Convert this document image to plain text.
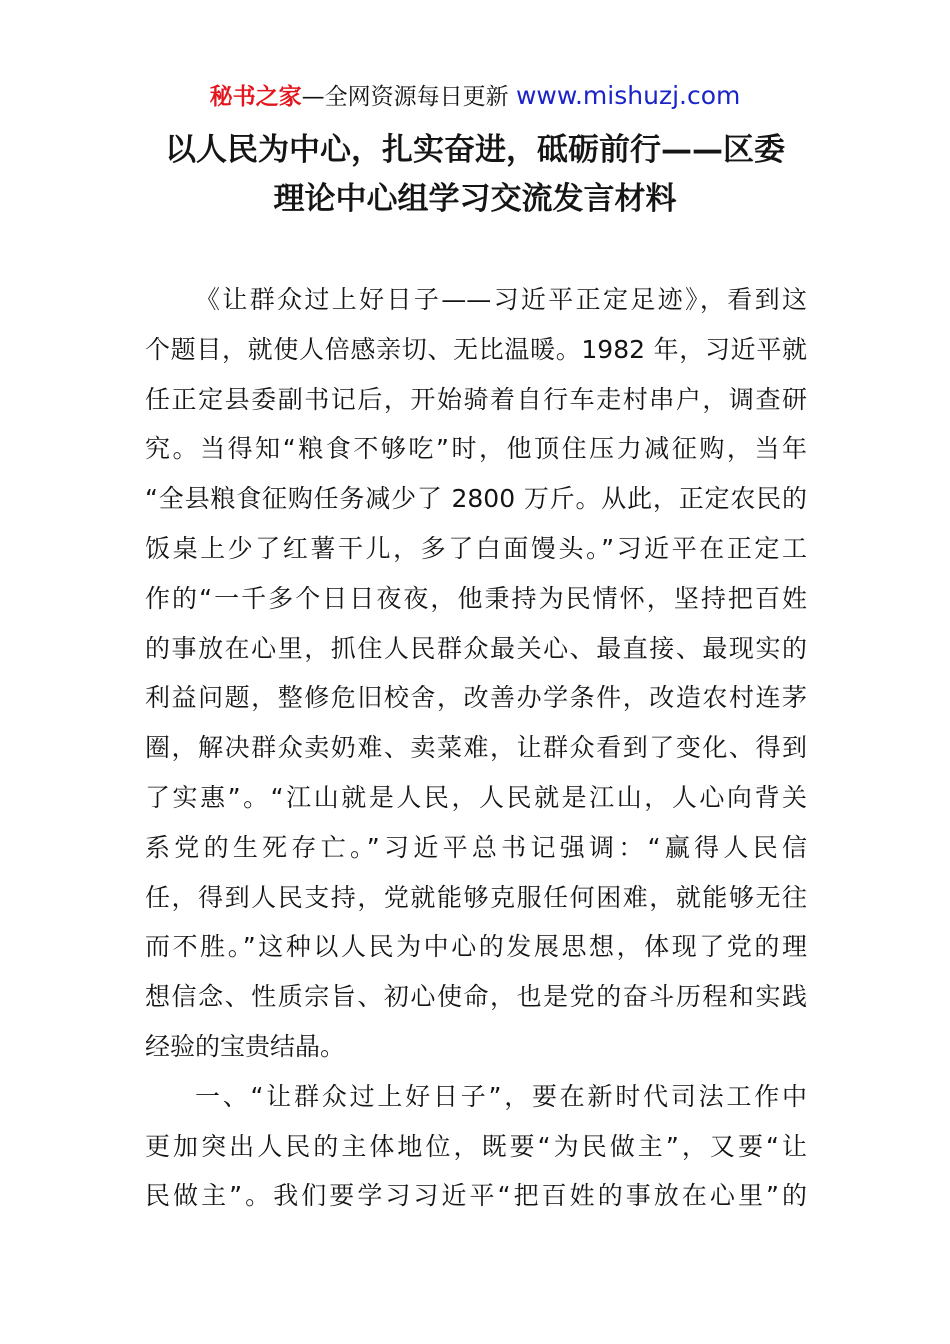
秘书之家—全网资源每日更新 www.mishuzj.com
以人民为中心，扎实奋进，砥砺前行——区委
理论中心组学习交流发言材料
《让群众过上好日子——习近平正定足迹》，看到这
个题目，就使人倍感亲切、无比温暖。1982 年，习近平就
任正定县委副书记后，开始骑着自行车走村串户，调查研
究。当得知“粮食不够吃”时，他顶住压力减征购，当年
“全县粮食征购任务减少了 2800 万斤。从此，正定农民的
饭桌上少了红薯干儿，多了白面馒头。”习近平在正定工
作的“一千多个日日夜夜，他秉持为民情怀，坚持把百姓
的事放在心里，抓住人民群众最关心、最直接、最现实的
利益问题，整修危旧校舍，改善办学条件，改造农村连茅
圈，解决群众卖奶难、卖菜难，让群众看到了变化、得到
了实惠”。“江山就是人民，人民就是江山，人心向背关
系党的生死存亡。”习近平总书记强调：“赢得人民信
任，得到人民支持，党就能够克服任何困难，就能够无往
而不胜。”这种以人民为中心的发展思想，体现了党的理
想信念、性质宗旨、初心使命，也是党的奋斗历程和实践
经验的宝贵结晶。
一、“让群众过上好日子”，要在新时代司法工作中
更加突出人民的主体地位，既要“为民做主”，又要“让
民做主”。我们要学习习近平“把百姓的事放在心里”的
